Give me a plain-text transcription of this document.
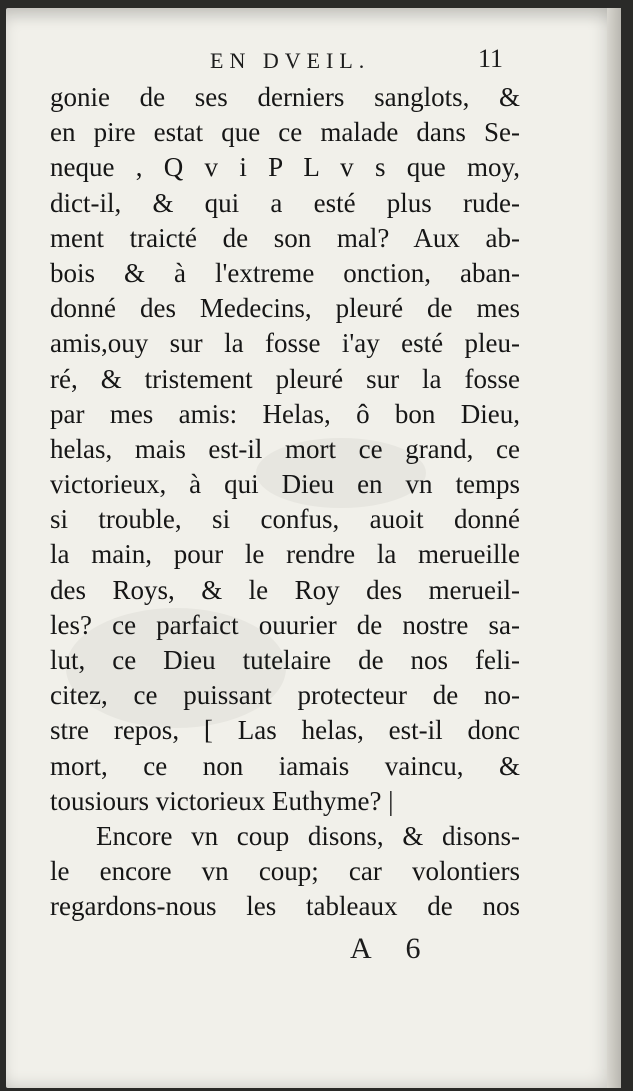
EN DVEIL.	11
gonie de ses derniers sanglots, &
en pire estat que ce malade dans Se-
neque , Q v i P L v s que moy,
dict-il, & qui a esté plus rude-
ment traicté de son mal? Aux ab-
bois & à l'extreme onction, aban-
donné des Medecins, pleuré de mes
amis,ouy sur la fosse i'ay esté pleu-
ré, & tristement pleuré sur la fosse
par mes amis: Helas, ô bon Dieu,
helas, mais est-il mort ce grand, ce
victorieux, à qui Dieu en vn temps
si trouble, si confus, auoit donné
la main, pour le rendre la merueille
des Roys, & le Roy des merueil-
les? ce parfaict ouurier de nostre sa-
lut, ce Dieu tutelaire de nos feli-
citez, ce puissant protecteur de no-
stre repos, [ Las helas, est-il donc
mort, ce non iamais vaincu, &
tousiours victorieux Euthyme? |
Encore vn coup disons, & disons-
le encore vn coup; car volontiers
regardons-nous les tableaux de nos
A 6
